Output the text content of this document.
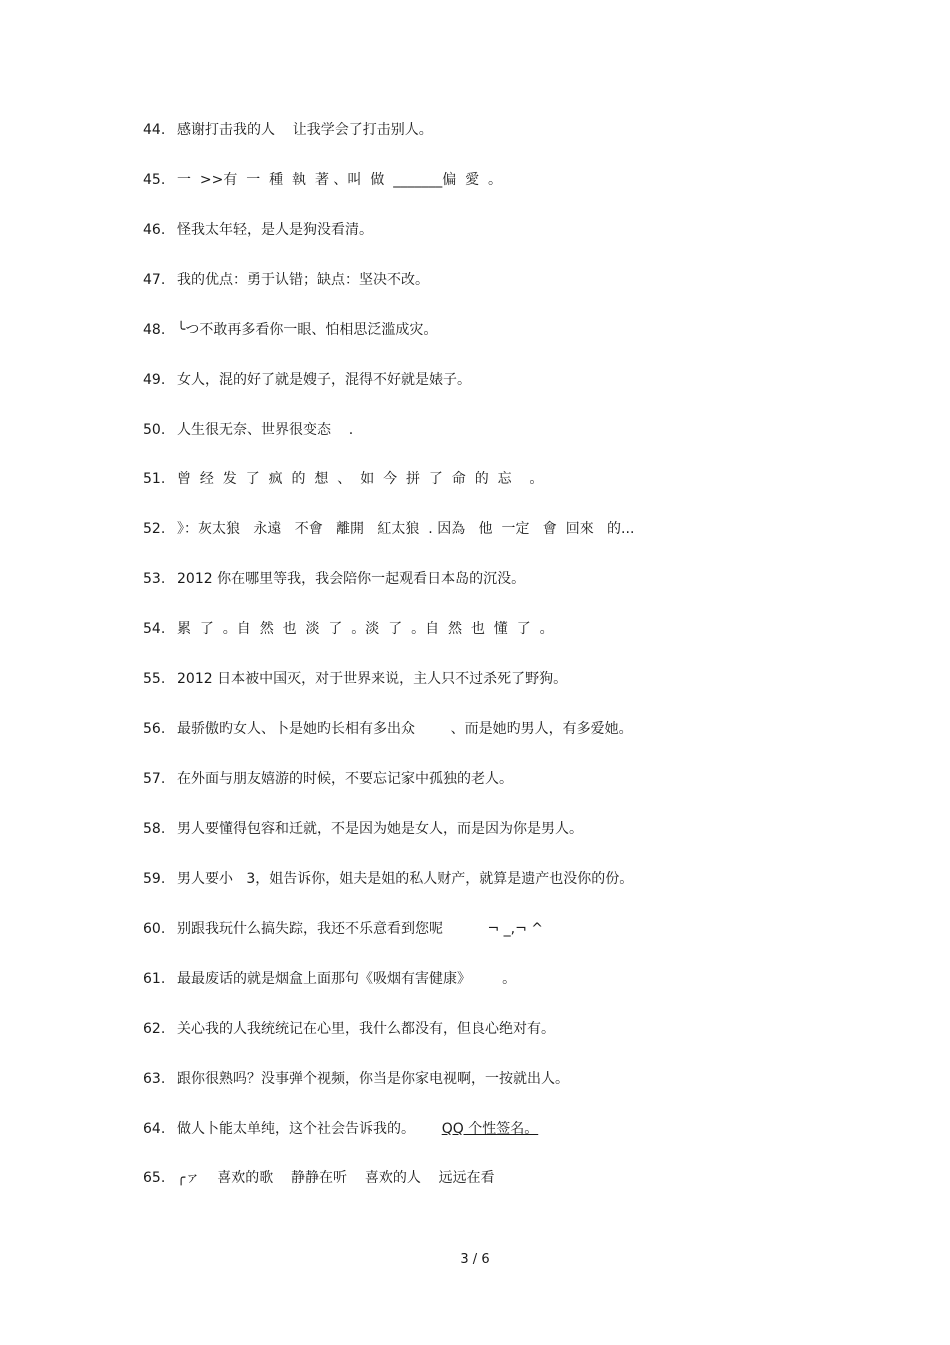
44. 感谢打击我的人    让我学会了打击别人。
45. 一  >>有  一  種  執  著 、叫  做  _______偏  愛  。
46. 怪我太年轻，是人是狗没看清。
47. 我的优点：勇于认错；缺点：坚决不改。
48. ╰つ不敢再多看你一眼、怕相思泛滥成灾。
49. 女人，混的好了就是嫂子，混得不好就是婊子。
50. 人生很无奈、世界很变态    .
51. 曾  经  发  了  疯  的  想  、  如  今  拼  了  命  的  忘    。
52. 》：灰太狼   永遠   不會   離開   紅太狼  . 因為   他  一定   會  回來   的...
53. 2012 你在哪里等我，我会陪你一起观看日本岛的沉没。
54. 累  了  。自  然  也  淡  了  。淡  了  。自  然  也  懂  了  。
55. 2012 日本被中国灭，对于世界来说，主人只不过杀死了野狗。
56. 最骄傲旳女人、卜是她旳长相有多出众        、而是她旳男人，有多爱她。
57. 在外面与朋友嬉游的时候，不要忘记家中孤独的老人。
58. 男人要懂得包容和迁就，不是因为她是女人，而是因为你是男人。
59. 男人要小   3，姐告诉你，姐夫是姐的私人财产，就算是遗产也没你的份。
60. 别跟我玩什么搞失踪，我还不乐意看到您呢          ¬ _,¬ ^
61. 最最废话的就是烟盒上面那句《吸烟有害健康》       。
62. 关心我的人我统统记在心里，我什么都没有，但良心绝对有。
63. 跟你很熟吗？没事弹个视频，你当是你家电视啊，一按就出人。
64. 做人卜能太单纯，这个社会告诉我的。      QQ 个性签名。
65. ╭ァ    喜欢的歌    静静在听    喜欢的人    远远在看
3 / 6
